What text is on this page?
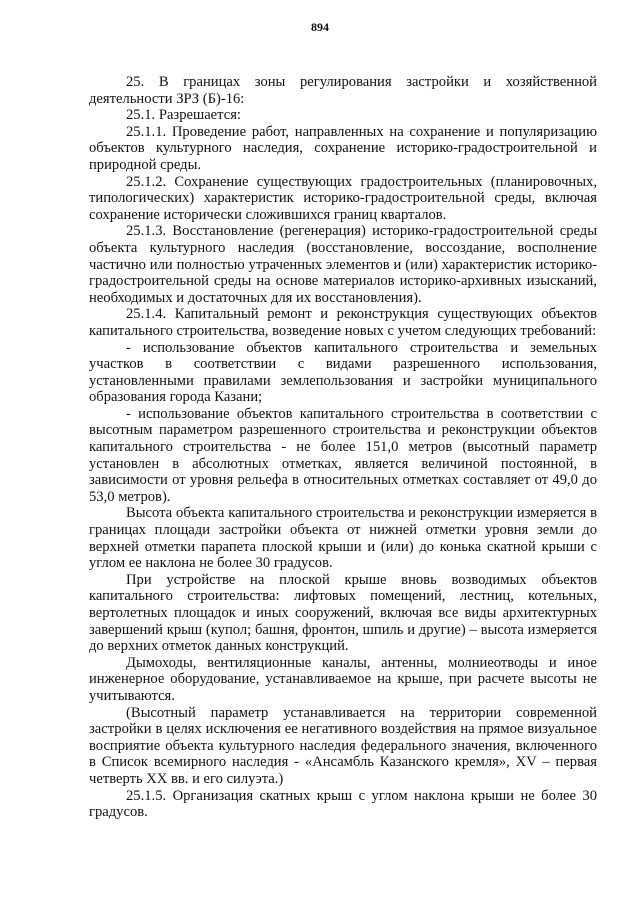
894

25. В границах зоны регулирования застройки и хозяйственной деятельности ЗРЗ (Б)-16:

25.1. Разрешается:

25.1.1. Проведение работ, направленных на сохранение и популяризацию объектов культурного наследия, сохранение историко-градостроительной и природной среды.

25.1.2. Сохранение существующих градостроительных (планировочных, типологических) характеристик историко-градостроительной среды, включая сохранение исторически сложившихся границ кварталов.

25.1.3. Восстановление (регенерация) историко-градостроительной среды объекта культурного наследия (восстановление, воссоздание, восполнение частично или полностью утраченных элементов и (или) характеристик историко-градостроительной среды на основе материалов историко-архивных изысканий, необходимых и достаточных для их восстановления).

25.1.4. Капитальный ремонт и реконструкция существующих объектов капитального строительства, возведение новых с учетом следующих требований:

- использование объектов капитального строительства и земельных участков в соответствии с видами разрешенного использования, установленными правилами землепользования и застройки муниципального образования города Казани;

- использование объектов капитального строительства в соответствии с высотным параметром разрешенного строительства и реконструкции объектов капитального строительства - не более 151,0 метров (высотный параметр установлен в абсолютных отметках, является величиной постоянной, в зависимости от уровня рельефа в относительных отметках составляет от 49,0 до 53,0 метров).

Высота объекта капитального строительства и реконструкции измеряется в границах площади застройки объекта от нижней отметки уровня земли до верхней отметки парапета плоской крыши и (или) до конька скатной крыши с углом ее наклона не более 30 градусов.

При устройстве на плоской крыше вновь возводимых объектов капитального строительства: лифтовых помещений, лестниц, котельных, вертолетных площадок и иных сооружений, включая все виды архитектурных завершений крыш (купол; башня, фронтон, шпиль и другие) – высота измеряется до верхних отметок данных конструкций.

Дымоходы, вентиляционные каналы, антенны, молниеотводы и иное инженерное оборудование, устанавливаемое на крыше, при расчете высоты не учитываются.

(Высотный параметр устанавливается на территории современной застройки в целях исключения ее негативного воздействия на прямое визуальное восприятие объекта культурного наследия федерального значения, включенного в Список всемирного наследия - «Ансамбль Казанского кремля», XV – первая четверть XX вв. и его силуэта.)

25.1.5. Организация скатных крыш с углом наклона крыши не более 30 градусов.
